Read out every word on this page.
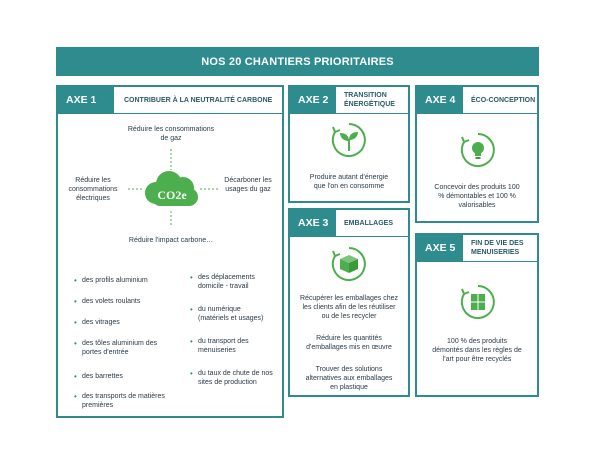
NOS 20 CHANTIERS PRIORITAIRES
AXE 1	CONTRIBUER À LA NEUTRALITÉ CARBONE
Réduire les consommations de gaz
Réduire les consommations électriques
Décarboner les usages du gaz
CO2e
Réduire l'impact carbone…
• des profils aluminium
• des volets roulants
• des vitrages
• des tôles aluminium des portes d'entrée
• des barrettes
• des transports de matières premières
• des déplacements domicile - travail
• du numérique (matériels et usages)
• du transport des menuiseries
• du taux de chute de nos sites de production
AXE 2	TRANSITION ÉNERGÉTIQUE
Produire autant d'énergie que l'on en consomme
AXE 3	EMBALLAGES
Récupérer les emballages chez les clients afin de les réutiliser ou de les recycler
Réduire les quantités d'emballages mis en œuvre
Trouver des solutions alternatives aux emballages en plastique
AXE 4	ÉCO-CONCEPTION
Concevoir des produits 100 % démontables et 100 % valorisables
AXE 5	FIN DE VIE DES MENUISERIES
100 % des produits démontés dans les règles de l'art pour être recyclés
